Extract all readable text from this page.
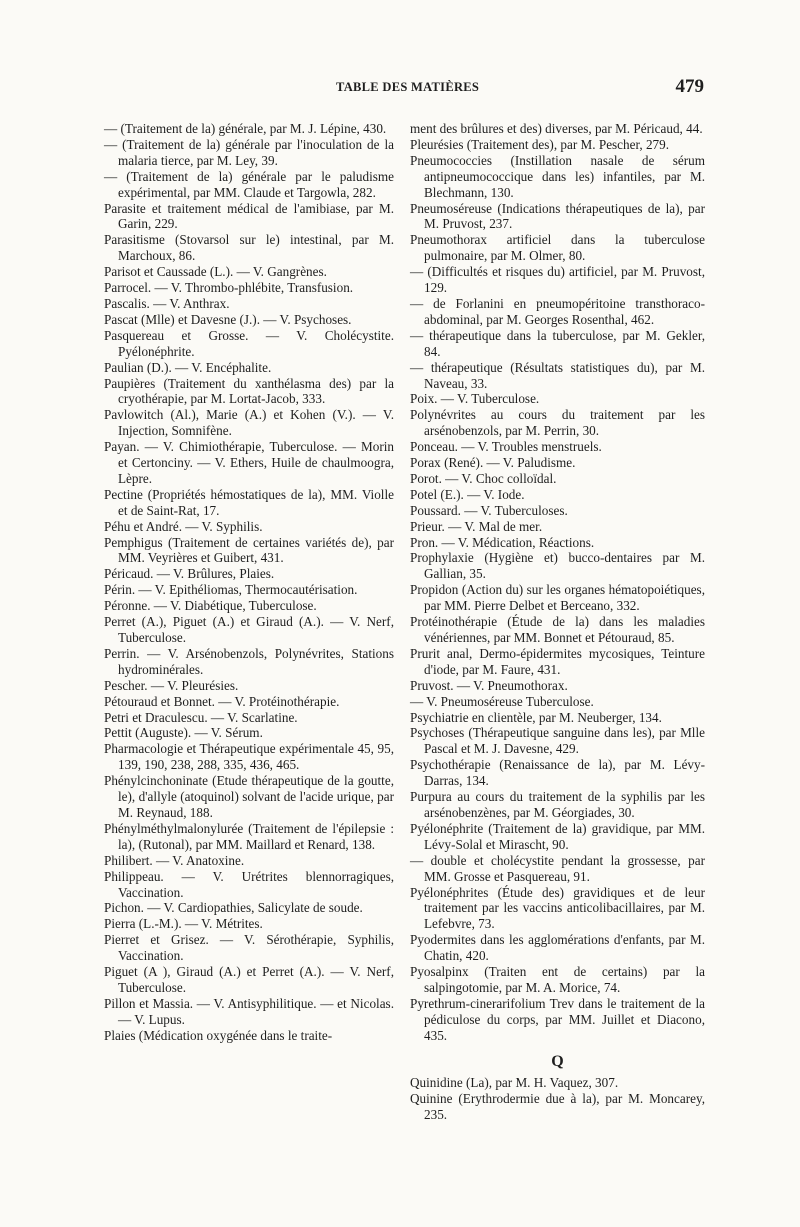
TABLE DES MATIÈRES	479
— (Traitement de la) générale, par M. J. Lépine, 430.
— (Traitement de la) générale par l'inoculation de la malaria tierce, par M. Ley, 39.
— (Traitement de la) générale par le paludisme expérimental, par MM. Claude et Targowla, 282.
Parasite et traitement médical de l'amibiase, par M. Garin, 229.
Parasitisme (Stovarsol sur le) intestinal, par M. Marchoux, 86.
Parisot et Caussade (L.). — V. Gangrènes.
Parrocel. — V. Thrombo-phlébite, Transfusion.
Pascalis. — V. Anthrax.
Pascat (Mlle) et Davesne (J.). — V. Psychoses.
Pasquereau et Grosse. — V. Cholécystite. Pyélonéphrite.
Paulian (D.). — V. Encéphalite.
Paupières (Traitement du xanthélasma des) par la cryothérapie, par M. Lortat-Jacob, 333.
Pavlowitch (Al.), Marie (A.) et Kohen (V.). — V. Injection, Somnifène.
Payan. — V. Chimiothérapie, Tuberculose. — Morin et Certonciny. — V. Ethers, Huile de chaulmoogra, Lèpre.
Pectine (Propriétés hémostatiques de la), MM. Violle et de Saint-Rat, 17.
Péhu et André. — V. Syphilis.
Pemphigus (Traitement de certaines variétés de), par MM. Veyrières et Guibert, 431.
Péricaud. — V. Brûlures, Plaies.
Périn. — V. Epithéliomas, Thermocautérisation.
Péronne. — V. Diabétique, Tuberculose.
Perret (A.), Piguet (A.) et Giraud (A.). — V. Nerf, Tuberculose.
Perrin. — V. Arsénobenzols, Polynévrites, Stations hydrominérales.
Pescher. — V. Pleurésies.
Pétouraud et Bonnet. — V. Protéinothérapie.
Petri et Draculescu. — V. Scarlatine.
Pettit (Auguste). — V. Sérum.
Pharmacologie et Thérapeutique expérimentale 45, 95, 139, 190, 238, 288, 335, 436, 465.
Phénylcinchoninate (Etude thérapeutique de la goutte, le), d'allyle (atoquinol) solvant de l'acide urique, par M. Reynaud, 188.
Phénylméthylmalonylurée (Traitement de l'épilepsie : la), (Rutonal), par MM. Maillard et Renard, 138.
Philibert. — V. Anatoxine.
Philippeau. — V. Urétrites blennorragiques, Vaccination.
Pichon. — V. Cardiopathies, Salicylate de soude.
Pierra (L.-M.). — V. Métrites.
Pierret et Grisez. — V. Sérothérapie, Syphilis, Vaccination.
Piguet (A ), Giraud (A.) et Perret (A.). — V. Nerf, Tuberculose.
Pillon et Massia. — V. Antisyphilitique. — et Nicolas. — V. Lupus.
Plaies (Médication oxygénée dans le traite-
ment des brûlures et des) diverses, par M. Péricaud, 44.
Pleurésies (Traitement des), par M. Pescher, 279.
Pneumococcies (Instillation nasale de sérum antipneumococcique dans les) infantiles, par M. Blechmann, 130.
Pneumoséreuse (Indications thérapeutiques de la), par M. Pruvost, 237.
Pneumothorax artificiel dans la tuberculose pulmonaire, par M. Olmer, 80.
— (Difficultés et risques du) artificiel, par M. Pruvost, 129.
— de Forlanini en pneumopéritoine transthoraco-abdominal, par M. Georges Rosenthal, 462.
— thérapeutique dans la tuberculose, par M. Gekler, 84.
— thérapeutique (Résultats statistiques du), par M. Naveau, 33.
Poix. — V. Tuberculose.
Polynévrites au cours du traitement par les arsénobenzols, par M. Perrin, 30.
Ponceau. — V. Troubles menstruels.
Porax (René). — V. Paludisme.
Porot. — V. Choc colloïdal.
Potel (E.). — V. Iode.
Poussard. — V. Tuberculoses.
Prieur. — V. Mal de mer.
Pron. — V. Médication, Réactions.
Prophylaxie (Hygiène et) bucco-dentaires par M. Gallian, 35.
Propidon (Action du) sur les organes hématopoiétiques, par MM. Pierre Delbet et Berceano, 332.
Protéinothérapie (Étude de la) dans les maladies vénériennes, par MM. Bonnet et Pétouraud, 85.
Prurit anal, Dermo-épidermites mycosiques, Teinture d'iode, par M. Faure, 431.
Pruvost. — V. Pneumothorax.
— V. Pneumoséreuse Tuberculose.
Psychiatrie en clientèle, par M. Neuberger, 134.
Psychoses (Thérapeutique sanguine dans les), par Mlle Pascal et M. J. Davesne, 429.
Psychothérapie (Renaissance de la), par M. Lévy-Darras, 134.
Purpura au cours du traitement de la syphilis par les arsénobenzènes, par M. Géorgiades, 30.
Pyélonéphrite (Traitement de la) gravidique, par MM. Lévy-Solal et Mirascht, 90.
— double et cholécystite pendant la grossesse, par MM. Grosse et Pasquereau, 91.
Pyélonéphrites (Étude des) gravidiques et de leur traitement par les vaccins anticolibacillaires, par M. Lefebvre, 73.
Pyodermites dans les agglomérations d'enfants, par M. Chatin, 420.
Pyosalpinx (Traiten ent de certains) par la salpingotomie, par M. A. Morice, 74.
Pyrethrum-cinerarifolium Trev dans le traitement de la pédiculose du corps, par MM. Juillet et Diacono, 435.
Q
Quinidine (La), par M. H. Vaquez, 307.
Quinine (Erythrodermie due à la), par M. Moncarey, 235.
